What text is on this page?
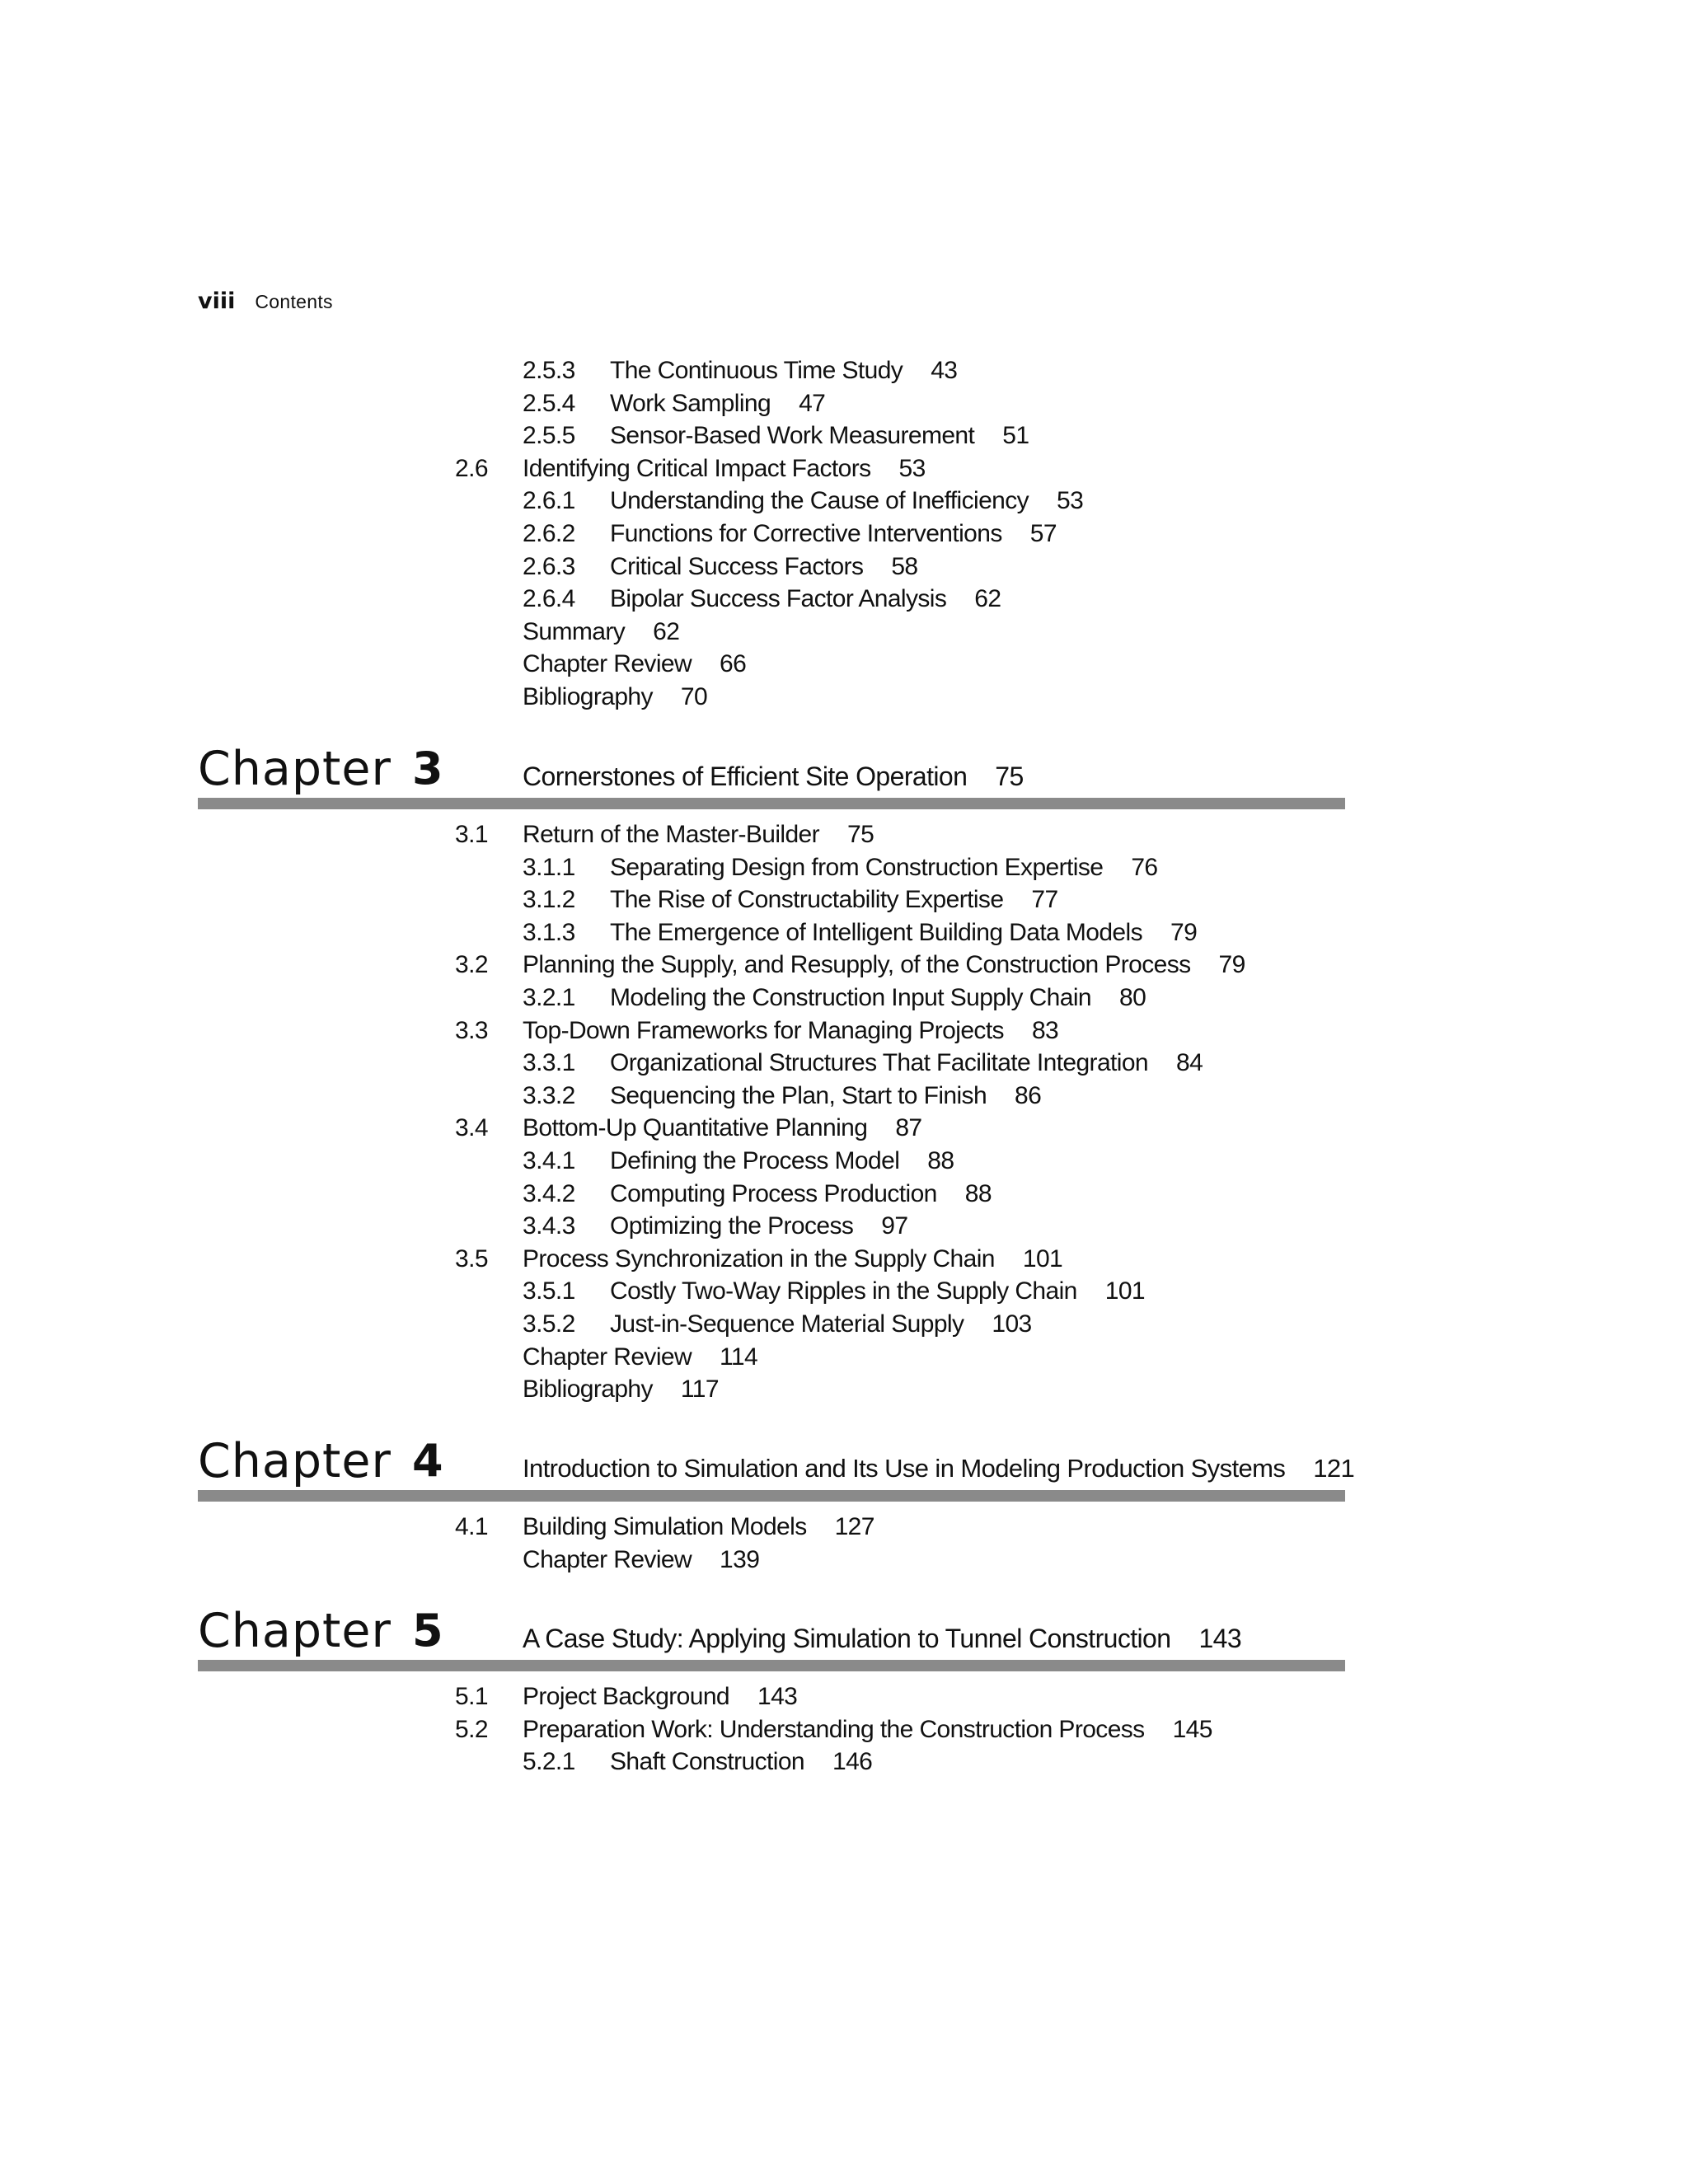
viii Contents
2.5.3 The Continuous Time Study 43
2.5.4 Work Sampling 47
2.5.5 Sensor-Based Work Measurement 51
2.6 Identifying Critical Impact Factors 53
2.6.1 Understanding the Cause of Inefficiency 53
2.6.2 Functions for Corrective Interventions 57
2.6.3 Critical Success Factors 58
2.6.4 Bipolar Success Factor Analysis 62
Summary 62
Chapter Review 66
Bibliography 70
Chapter 3	Cornerstones of Efficient Site Operation 75
3.1 Return of the Master-Builder 75
3.1.1 Separating Design from Construction Expertise 76
3.1.2 The Rise of Constructability Expertise 77
3.1.3 The Emergence of Intelligent Building Data Models 79
3.2 Planning the Supply, and Resupply, of the Construction Process 79
3.2.1 Modeling the Construction Input Supply Chain 80
3.3 Top-Down Frameworks for Managing Projects 83
3.3.1 Organizational Structures That Facilitate Integration 84
3.3.2 Sequencing the Plan, Start to Finish 86
3.4 Bottom-Up Quantitative Planning 87
3.4.1 Defining the Process Model 88
3.4.2 Computing Process Production 88
3.4.3 Optimizing the Process 97
3.5 Process Synchronization in the Supply Chain 101
3.5.1 Costly Two-Way Ripples in the Supply Chain 101
3.5.2 Just-in-Sequence Material Supply 103
Chapter Review 114
Bibliography 117
Chapter 4	Introduction to Simulation and Its Use in Modeling Production Systems 121
4.1 Building Simulation Models 127
Chapter Review 139
Chapter 5	A Case Study: Applying Simulation to Tunnel Construction 143
5.1 Project Background 143
5.2 Preparation Work: Understanding the Construction Process 145
5.2.1 Shaft Construction 146
